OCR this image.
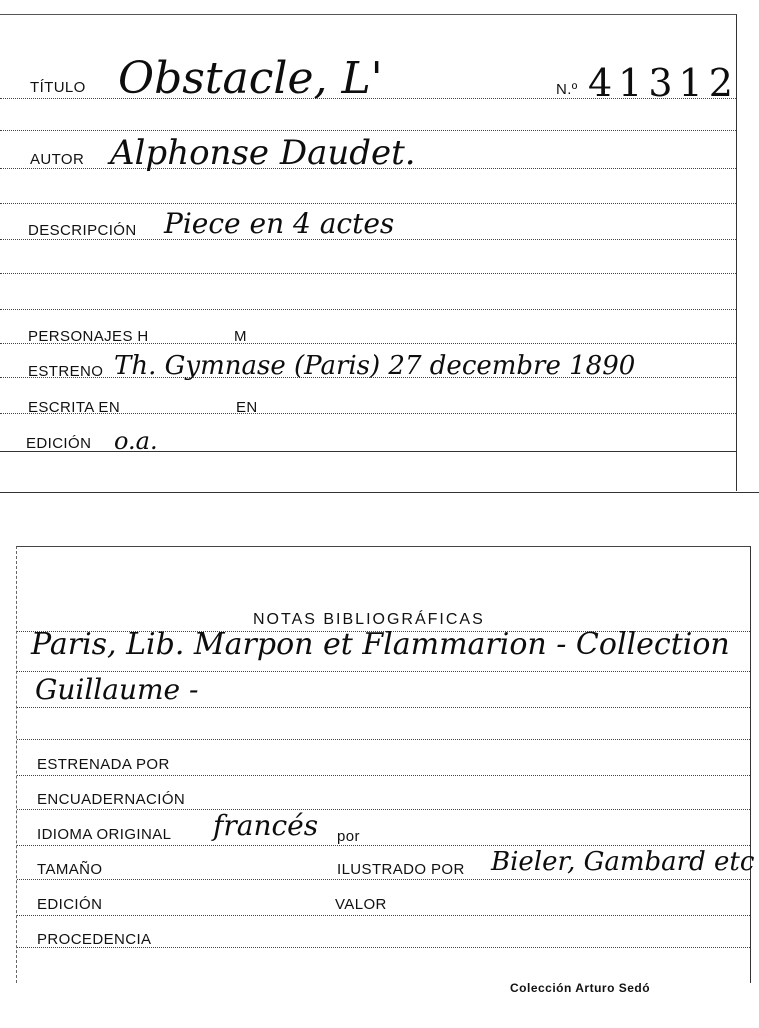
TÍTULO Obstacle, L'	N.º 41312
AUTOR Alphonse Daudet.
DESCRIPCIÓN Piece en 4 actes
PERSONAJES H	M
ESTRENO Th. Gymnase (Paris) 27 decembre 1890
ESCRITA EN	EN
EDICIÓN o.a.
NOTAS BIBLIOGRÁFICAS
Paris, Lib. Marpon et Flammarion - Collection
Guillaume -
ESTRENADA POR
ENCUADERNACIÓN
IDIOMA ORIGINAL francés por
TAMAÑO	ILUSTRADO POR Bieler, Gambard etc
EDICIÓN	VALOR
PROCEDENCIA
Colección Arturo Sedó
